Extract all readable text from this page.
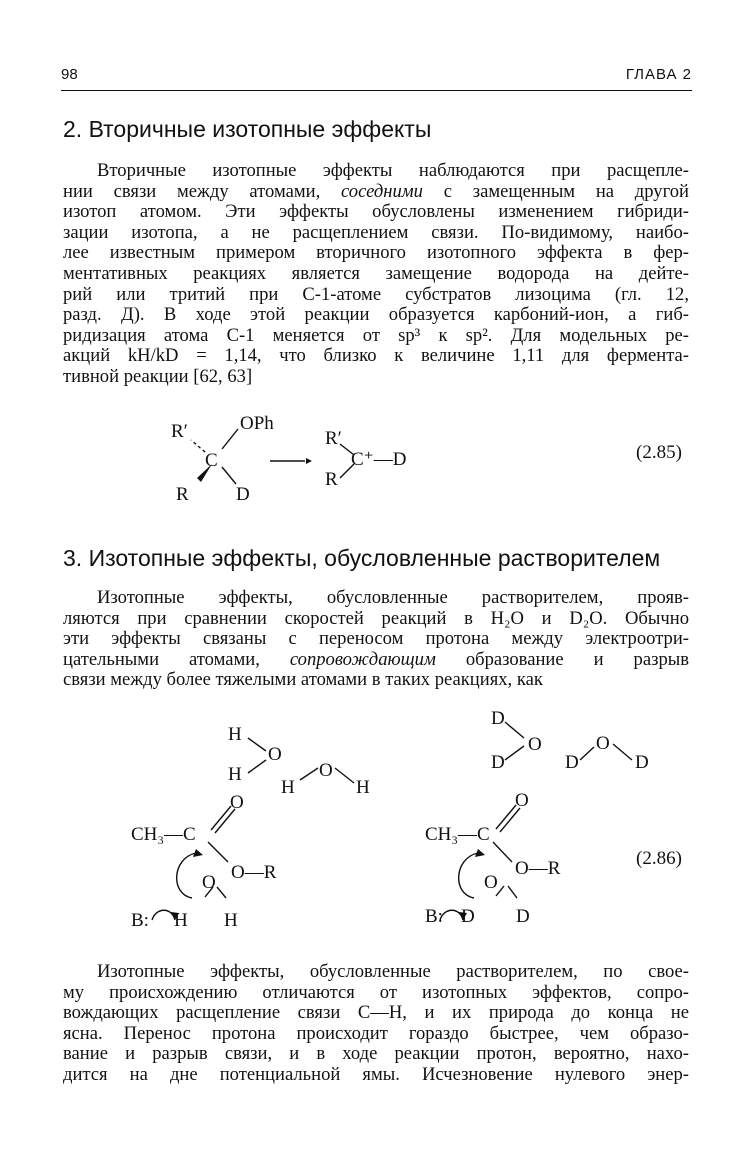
98	ГЛАВА 2
2. Вторичные изотопные эффекты
Вторичные изотопные эффекты наблюдаются при расщепле-
нии связи между атомами, соседними с замещенным на другой
изотоп атомом. Эти эффекты обусловлены изменением гибриди-
зации изотопа, а не расщеплением связи. По-видимому, наибо-
лее известным примером вторичного изотопного эффекта в фер-
ментативных реакциях является замещение водорода на дейте-
рий или тритий при С-1-атоме субстратов лизоцима (гл. 12,
разд. Д). В ходе этой реакции образуется карбоний-ион, а гиб-
ридизация атома С-1 меняется от sp³ к sp². Для модельных ре-
акций kH/kD = 1,14, что близко к величине 1,11 для фермента-
тивной реакции [62, 63]
R′	OPh
C
R D
R′
C⁺—D
R
(2.85)
3. Изотопные эффекты, обусловленные растворителем
Изотопные эффекты, обусловленные растворителем, прояв-
ляются при сравнении скоростей реакций в H₂O и D₂O. Обычно
эти эффекты связаны с переносом протона между электроотри-
цательными атомами, сопровождающим образование и разрыв
связи между более тяжелыми атомами в таких реакциях, как
H
O
H
H
O
H
O
CH₃—C
O—R
O
B: H H
D
O
D	D
O
D
O
CH₃—C
O—R
O
B: D D
(2.86)
Изотопные эффекты, обусловленные растворителем, по свое-
му происхождению отличаются от изотопных эффектов, сопро-
вождающих расщепление связи C—H, и их природа до конца не
ясна. Перенос протона происходит гораздо быстрее, чем образо-
вание и разрыв связи, и в ходе реакции протон, вероятно, нахо-
дится на дне потенциальной ямы. Исчезновение нулевого энер-
